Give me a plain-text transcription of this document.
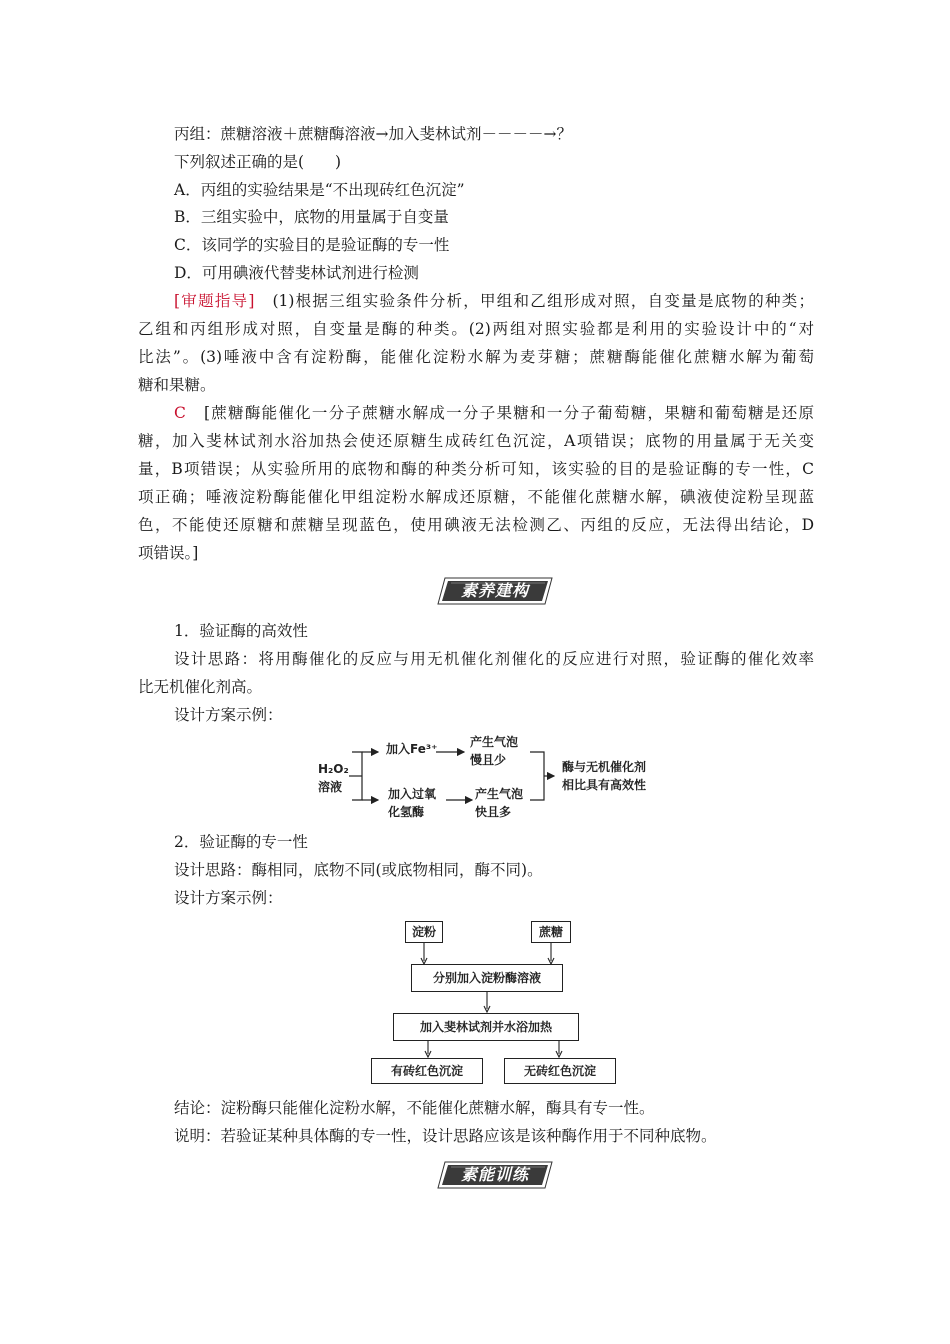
丙组：蔗糖溶液＋蔗糖酶溶液→加入斐林试剂－－－－→？
下列叙述正确的是(　　)
A．丙组的实验结果是“不出现砖红色沉淀”
B．三组实验中，底物的用量属于自变量
C．该同学的实验目的是验证酶的专一性
D．可用碘液代替斐林试剂进行检测
[审题指导]　 (1)根据三组实验条件分析，甲组和乙组形成对照，自变量是底物的种类；
乙组和丙组形成对照，自变量是酶的种类。(2)两组对照实验都是利用的实验设计中的“对
比法”。(3)唾液中含有淀粉酶，能催化淀粉水解为麦芽糖；蔗糖酶能催化蔗糖水解为葡萄
糖和果糖。
C　 [蔗糖酶能催化一分子蔗糖水解成一分子果糖和一分子葡萄糖，果糖和葡萄糖是还原
糖，加入斐林试剂水浴加热会使还原糖生成砖红色沉淀，A项错误；底物的用量属于无关变
量，B项错误；从实验所用的底物和酶的种类分析可知，该实验的目的是验证酶的专一性，C
项正确；唾液淀粉酶能催化甲组淀粉水解成还原糖，不能催化蔗糖水解，碘液使淀粉呈现蓝
色，不能使还原糖和蔗糖呈现蓝色，使用碘液无法检测乙、丙组的反应，无法得出结论，D
项错误。]
素养建构
1．验证酶的高效性
设计思路：将用酶催化的反应与用无机催化剂催化的反应进行对照，验证酶的催化效率
比无机催化剂高。
设计方案示例：
H₂O₂
溶液
加入Fe³⁺	产生气泡
慢且少
加入过氧
化氢酶
产生气泡
快且多
酶与无机催化剂
相比具有高效性
2．验证酶的专一性
设计思路：酶相同，底物不同(或底物相同，酶不同)。
设计方案示例：
淀粉	蔗糖
分别加入淀粉酶溶液
加入斐林试剂并水浴加热
有砖红色沉淀	无砖红色沉淀
结论：淀粉酶只能催化淀粉水解，不能催化蔗糖水解，酶具有专一性。
说明：若验证某种具体酶的专一性，设计思路应该是该种酶作用于不同种底物。
素能训练
